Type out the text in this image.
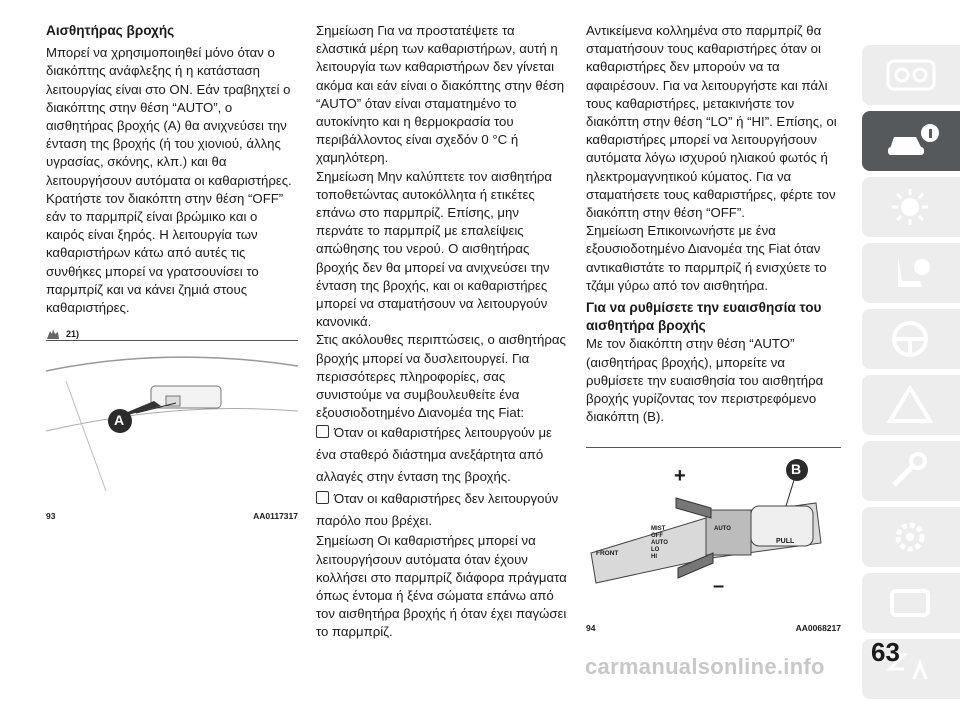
Αισθητήρας βροχής

Μπορεί να χρησιμοποιηθεί μόνο όταν ο διακόπτης ανάφλεξης ή η κατάσταση λειτουργίας είναι στο ON. Εάν τραβηχτεί ο διακόπτης στην θέση “AUTO”, ο αισθητήρας βροχής (A) θα ανιχνεύσει την ένταση της βροχής (ή του χιονιού, άλλης υγρασίας, σκόνης, κλπ.) και θα λειτουργήσουν αυτόματα οι καθαριστήρες. Κρατήστε τον διακόπτη στην θέση “OFF” εάν το παρμπρίζ είναι βρώμικο και ο καιρός είναι ξηρός. Η λειτουργία των καθαριστήρων κάτω από αυτές τις συνθήκες μπορεί να γρατσουνίσει το παρμπρίζ και να κάνει ζημιά στους καθαριστήρες.

21)
A
93	AA0117317

Σημείωση Για να προστατέψετε τα ελαστικά μέρη των καθαριστήρων, αυτή η λειτουργία των καθαριστήρων δεν γίνεται ακόμα και εάν είναι ο διακόπτης στην θέση “AUTO” όταν είναι σταματημένο το αυτοκίνητο και η θερμοκρασία του περιβάλλοντος είναι σχεδόν 0 °C ή χαμηλότερη.

Σημείωση Μην καλύπτετε τον αισθητήρα τοποθετώντας αυτοκόλλητα ή ετικέτες επάνω στο παρμπρίζ. Επίσης, μην περνάτε το παρμπρίζ με επαλείψεις απώθησης του νερού. Ο αισθητήρας βροχής δεν θα μπορεί να ανιχνεύσει την ένταση της βροχής, και οι καθαριστήρες μπορεί να σταματήσουν να λειτουργούν κανονικά.

Στις ακόλουθες περιπτώσεις, ο αισθητήρας βροχής μπορεί να δυσλειτουργεί. Για περισσότερες πληροφορίες, σας συνιστούμε να συμβουλευθείτε ένα εξουσιοδοτημένο Διανομέα της Fiat:

Όταν οι καθαριστήρες λειτουργούν με ένα σταθερό διάστημα ανεξάρτητα από αλλαγές στην ένταση της βροχής.

Όταν οι καθαριστήρες δεν λειτουργούν παρόλο που βρέχει.

Σημείωση Οι καθαριστήρες μπορεί να λειτουργήσουν αυτόματα όταν έχουν κολλήσει στο παρμπρίζ διάφορα πράγματα όπως έντομα ή ξένα σώματα επάνω από τον αισθητήρα βροχής ή όταν έχει παγώσει το παρμπρίζ.

Αντικείμενα κολλημένα στο παρμπρίζ θα σταματήσουν τους καθαριστήρες όταν οι καθαριστήρες δεν μπορούν να τα αφαιρέσουν. Για να λειτουργήστε και πάλι τους καθαριστήρες, μετακινήστε τον διακόπτη στην θέση “LO” ή “HI”. Επίσης, οι καθαριστήρες μπορεί να λειτουργήσουν αυτόματα λόγω ισχυρού ηλιακού φωτός ή ηλεκτρομαγνητικού κύματος. Για να σταματήσετε τους καθαριστήρες, φέρτε τον διακόπτη στην θέση “OFF”.

Σημείωση Επικοινωνήστε με ένα εξουσιοδοτημένο Διανομέα της Fiat όταν αντικαθιστάτε το παρμπρίζ ή ενισχύετε το τζάμι γύρω από τον αισθητήρα.

Για να ρυθμίσετε την ευαισθησία του αισθητήρα βροχής

Με τον διακόπτη στην θέση “AUTO” (αισθητήρας βροχής), μπορείτε να ρυθμίσετε την ευαισθησία του αισθητήρα βροχής γυρίζοντας τον περιστρεφόμενο διακόπτη (B).

+
–
B
FRONT
MIST
OFF
AUTO
LO
HI
AUTO
PULL
94	AA0068217
63
carmanualsonline.info
